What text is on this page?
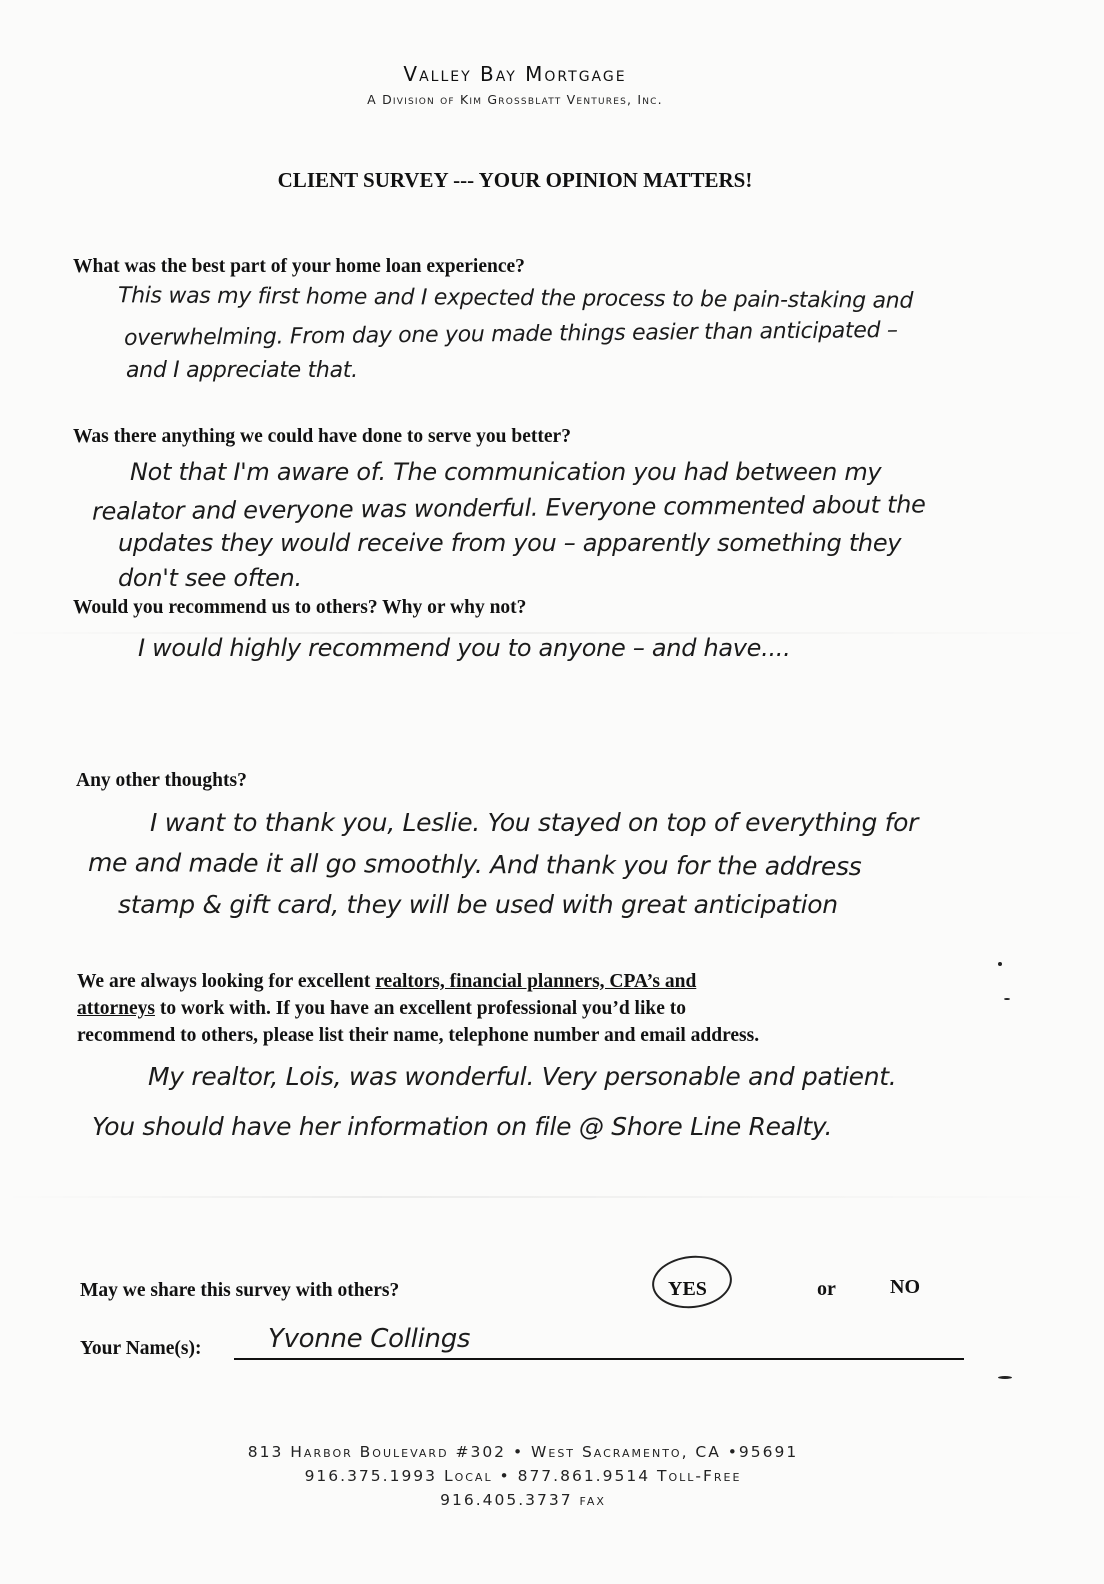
Valley Bay Mortgage
A Division of Kim Grossblatt Ventures, Inc.
CLIENT SURVEY --- YOUR OPINION MATTERS!
What was the best part of your home loan experience?
This was my first home and I expected the process to be pain-staking and
overwhelming. From day one you made things easier than anticipated –
and I appreciate that.
Was there anything we could have done to serve you better?
Not that I'm aware of. The communication you had between my
realator and everyone was wonderful. Everyone commented about the
updates they would receive from you – apparently something they
don't see often.
Would you recommend us to others? Why or why not?
I would highly recommend you to anyone – and have....
Any other thoughts?
I want to thank you, Leslie. You stayed on top of everything for
me and made it all go smoothly. And thank you for the address
stamp & gift card, they will be used with great anticipation
We are always looking for excellent realtors, financial planners, CPA’s and
attorneys to work with. If you have an excellent professional you’d like to
recommend to others, please list their name, telephone number and email address.
My realtor, Lois, was wonderful. Very personable and patient.
You should have her information on file @ Shore Line Realty.
May we share this survey with others?	YES	or	NO
Your Name(s):	Yvonne Collings
813 Harbor Boulevard #302 • West Sacramento, CA •95691
916.375.1993 Local • 877.861.9514 Toll-Free
916.405.3737 fax
